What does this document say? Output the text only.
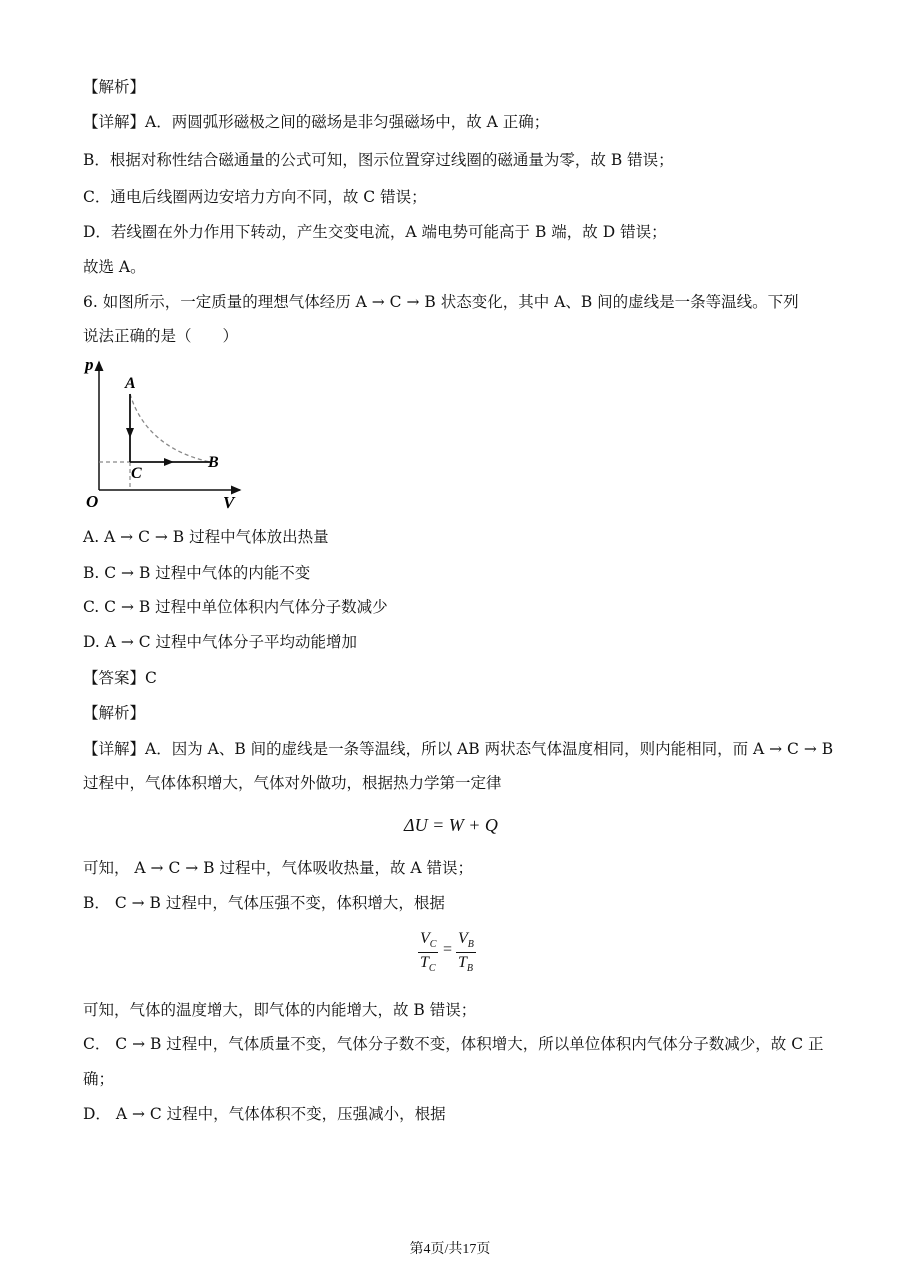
【解析】
【详解】A．两圆弧形磁极之间的磁场是非匀强磁场中，故 A 正确；
B．根据对称性结合磁通量的公式可知，图示位置穿过线圈的磁通量为零，故 B 错误；
C．通电后线圈两边安培力方向不同，故 C 错误；
D．若线圈在外力作用下转动，产生交变电流，A 端电势可能高于 B 端，故 D 错误；
故选 A。
6. 如图所示，一定质量的理想气体经历 A → C → B 状态变化，其中 A、B 间的虚线是一条等温线。下列
说法正确的是（　　）
A. A → C → B 过程中气体放出热量
B. C → B 过程中气体的内能不变
C. C → B 过程中单位体积内气体分子数减少
D. A → C 过程中气体分子平均动能增加
【答案】C
【解析】
【详解】A．因为 A、B 间的虚线是一条等温线，所以 AB 两状态气体温度相同，则内能相同，而 A → C → B
过程中，气体体积增大，气体对外做功，根据热力学第一定律
可知， A → C → B 过程中，气体吸收热量，故 A 错误；
B． C → B 过程中，气体压强不变，体积增大，根据
C． C → B 过程中，气体质量不变，气体分子数不变，体积增大，所以单位体积内气体分子数减少，故 C 正
确；
D． A → C 过程中，气体体积不变，压强减小，根据
ΔU = W + Q
$V_C$
$T_C$
=
$V_B$
$T_B$
可知，气体的温度增大，即气体的内能增大，故 B 错误；
p
V
O
A
B
C
第4页/共17页
